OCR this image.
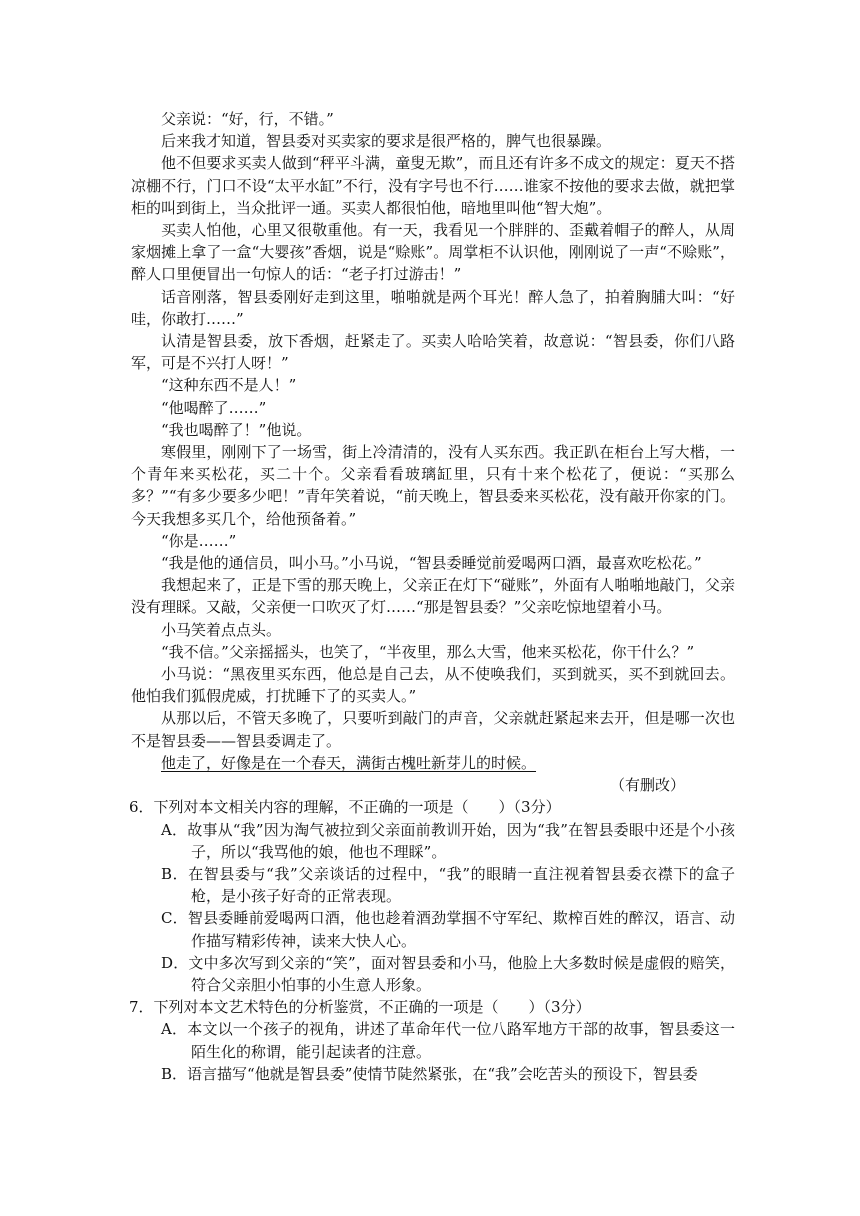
父亲说：“好，行，不错。”

后来我才知道，智县委对买卖家的要求是很严格的，脾气也很暴躁。

他不但要求买卖人做到“秤平斗满，童叟无欺”，而且还有许多不成文的规定：夏天不搭凉棚不行，门口不设“太平水缸”不行，没有字号也不行……谁家不按他的要求去做，就把掌柜的叫到街上，当众批评一通。买卖人都很怕他，暗地里叫他“智大炮”。

买卖人怕他，心里又很敬重他。有一天，我看见一个胖胖的、歪戴着帽子的醉人，从周家烟摊上拿了一盒“大婴孩”香烟，说是“赊账”。周掌柜不认识他，刚刚说了一声“不赊账”，醉人口里便冒出一句惊人的话：“老子打过游击！”

话音刚落，智县委刚好走到这里，啪啪就是两个耳光！醉人急了，拍着胸脯大叫：“好哇，你敢打……”

认清是智县委，放下香烟，赶紧走了。买卖人哈哈笑着，故意说：“智县委，你们八路军，可是不兴打人呀！”

“这种东西不是人！”

“他喝醉了……”

“我也喝醉了！”他说。

寒假里，刚刚下了一场雪，街上冷清清的，没有人买东西。我正趴在柜台上写大楷，一个青年来买松花，买二十个。父亲看看玻璃缸里，只有十来个松花了，便说：“买那么多？”“有多少要多少吧！”青年笑着说，“前天晚上，智县委来买松花，没有敲开你家的门。今天我想多买几个，给他预备着。”

“你是……”

“我是他的通信员，叫小马。”小马说，“智县委睡觉前爱喝两口酒，最喜欢吃松花。”

我想起来了，正是下雪的那天晚上，父亲正在灯下“碰账”，外面有人啪啪地敲门，父亲没有理睬。又敲，父亲便一口吹灭了灯……“那是智县委？”父亲吃惊地望着小马。

小马笑着点点头。

“我不信。”父亲摇摇头，也笑了，“半夜里，那么大雪，他来买松花，你干什么？”

小马说：“黑夜里买东西，他总是自己去，从不使唤我们，买到就买，买不到就回去。他怕我们狐假虎威，打扰睡下了的买卖人。”

从那以后，不管天多晚了，只要听到敲门的声音，父亲就赶紧起来去开，但是哪一次也不是智县委——智县委调走了。

他走了，好像是在一个春天，满街古槐吐新芽儿的时候。

（有删改）

6．下列对本文相关内容的理解，不正确的一项是（　　）（3分）

A．故事从“我”因为淘气被拉到父亲面前教训开始，因为“我”在智县委眼中还是个小孩子，所以“我骂他的娘，他也不理睬”。

B．在智县委与“我”父亲谈话的过程中，“我”的眼睛一直注视着智县委衣襟下的盒子枪，是小孩子好奇的正常表现。

C．智县委睡前爱喝两口酒，他也趁着酒劲掌掴不守军纪、欺榨百姓的醉汉，语言、动作描写精彩传神，读来大快人心。

D．文中多次写到父亲的“笑”，面对智县委和小马，他脸上大多数时候是虚假的赔笑，符合父亲胆小怕事的小生意人形象。

7．下列对本文艺术特色的分析鉴赏，不正确的一项是（　　）（3分）

A．本文以一个孩子的视角，讲述了革命年代一位八路军地方干部的故事，智县委这一陌生化的称谓，能引起读者的注意。

B．语言描写“他就是智县委”使情节陡然紧张，在“我”会吃苦头的预设下，智县委
